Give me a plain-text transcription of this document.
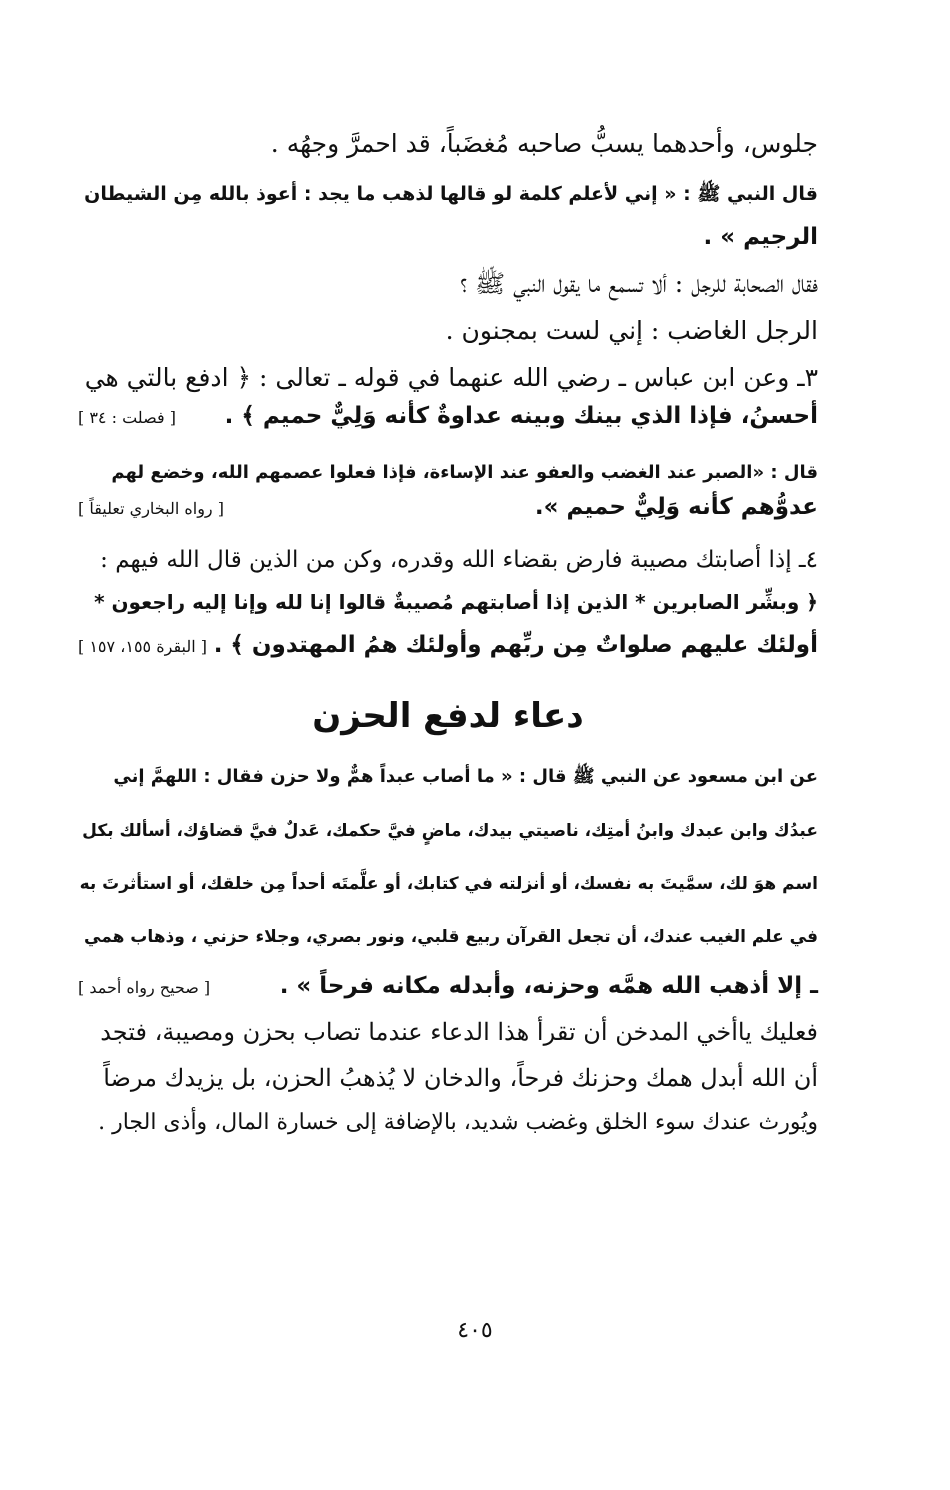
جلوس، وأحدهما يسبُّ صاحبه مُغضَباً، قد احمرَّ وجهُه .
قال النبي ﷺ : « إني لأعلم كلمة لو قالها لذهب ما يجد : أعوذ بالله مِن الشيطان
الرجيم » .
فقال الصحابة للرجل : ألا تسمع ما يقول النبي ﷺ ؟
الرجل الغاضب : إني لست بمجنون .
٣ـ وعن ابن عباس ـ رضي الله عنهما في قوله ـ تعالى : ﴿ ادفع بالتي هي
أحسنُ، فإذا الذي بينك وبينه عداوةٌ كأنه وَلِيٌّ حميم ﴾ .
[ فصلت : ٣٤ ]
قال : «الصبر عند الغضب والعفو عند الإساءة، فإذا فعلوا عصمهم الله، وخضع لهم
عدوُّهم كأنه وَلِيٌّ حميم ».
[ رواه البخاري تعليقاً ]
٤ـ إذا أصابتك مصيبة فارض بقضاء الله وقدره، وكن من الذين قال الله فيهم :
﴿ وبشِّر الصابرين * الذين إذا أصابتهم مُصيبةٌ قالوا إنا لله وإنا إليه راجعون *
أولئك عليهم صلواتٌ مِن ربِّهم وأولئك همُ المهتدون ﴾ .
[ البقرة ١٥٥، ١٥٧ ]
دعاء لدفع الحزن
عن ابن مسعود عن النبي ﷺ قال : « ما أصاب عبداً همٌّ ولا حزن فقال : اللهمَّ إني
عبدُك وابن عبدك وابنُ أمتِك، ناصيتي بيدك، ماضٍ فيَّ حكمك، عَدلٌ فيَّ قضاؤك، أسألك بكل
اسم هوَ لك، سمَّيتَ به نفسك، أو أنزلته في كتابك، أو علَّمتَه أحداً مِن خلقك، أو استأثرتَ به
في علم الغيب عندك، أن تجعل القرآن ربيع قلبي، ونور بصري، وجلاء حزني ، وذهاب همي
ـ إلا أذهب الله همَّه وحزنه، وأبدله مكانه فرحاً » .
[ صحيح رواه أحمد ]
فعليك ياأخي المدخن أن تقرأ هذا الدعاء عندما تصاب بحزن ومصيبة، فتجد
أن الله أبدل همك وحزنك فرحاً، والدخان لا يُذهبُ الحزن، بل يزيدك مرضاً
ويُورث عندك سوء الخلق وغضب شديد، بالإضافة إلى خسارة المال، وأذى الجار .
٤٠٥
